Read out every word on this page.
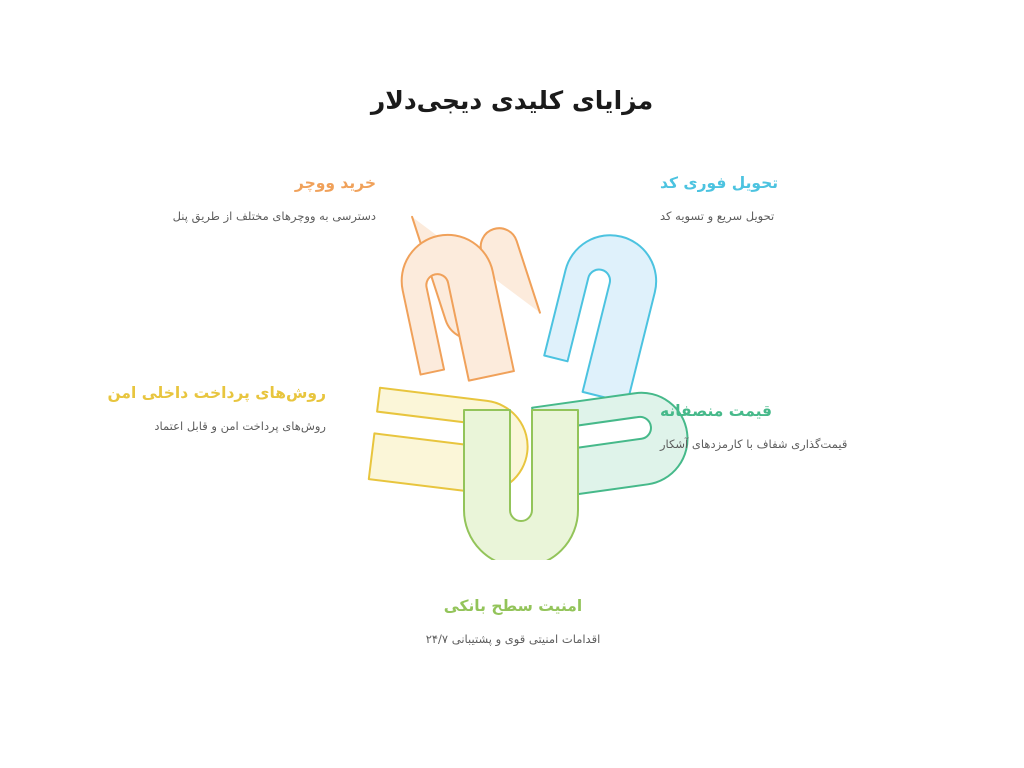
مزایای کلیدی دیجی‌دلار
تحویل فوری کد
تحویل سریع و تسویه کد
قیمت منصفانه
قیمت‌گذاری شفاف با کارمزدهای آشکار
امنیت سطح بانکی
اقدامات امنیتی قوی و پشتیبانی ۲۴/۷
روش‌های پرداخت داخلی امن
روش‌های پرداخت امن و قابل اعتماد
خرید ووچر
دسترسی به ووچرهای مختلف از طریق پنل
